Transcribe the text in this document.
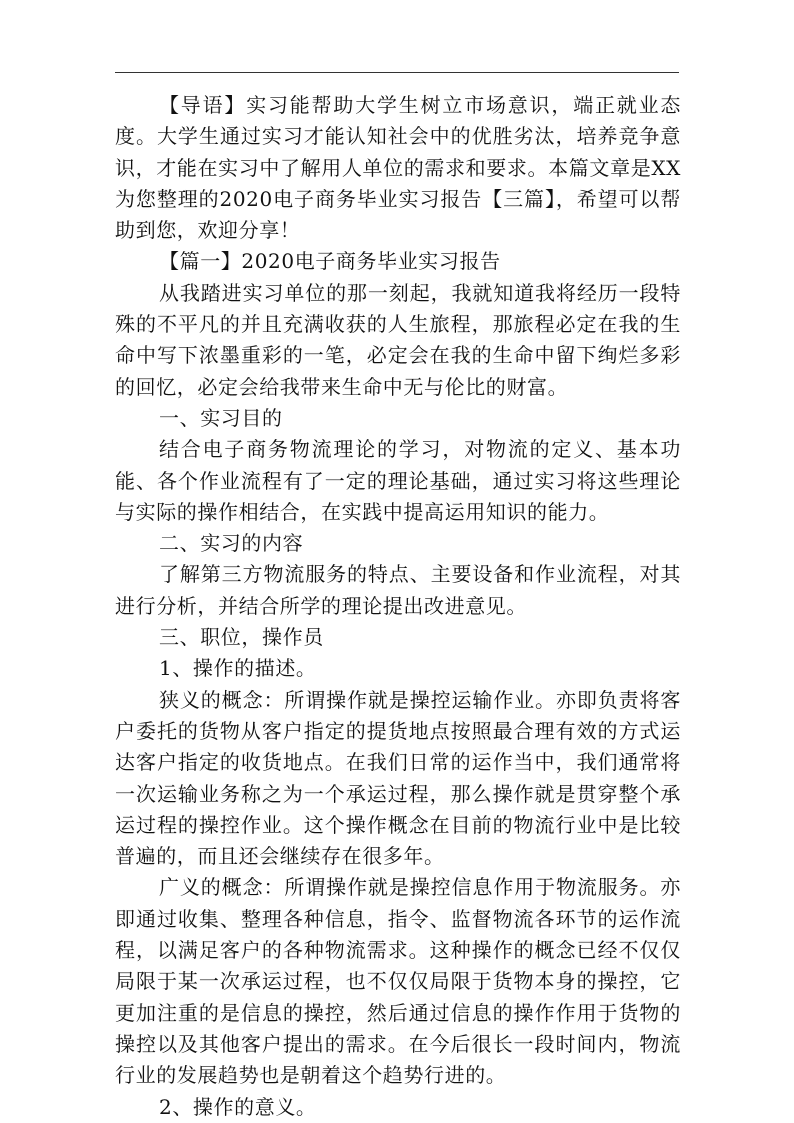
【导语】实习能帮助大学生树立市场意识，端正就业态度。大学生通过实习才能认知社会中的优胜劣汰，培养竞争意识，才能在实习中了解用人单位的需求和要求。本篇文章是XX为您整理的2020电子商务毕业实习报告【三篇】，希望可以帮助到您，欢迎分享！

【篇一】2020电子商务毕业实习报告

从我踏进实习单位的那一刻起，我就知道我将经历一段特殊的不平凡的并且充满收获的人生旅程，那旅程必定在我的生命中写下浓墨重彩的一笔，必定会在我的生命中留下绚烂多彩的回忆，必定会给我带来生命中无与伦比的财富。

一、实习目的

结合电子商务物流理论的学习，对物流的定义、基本功能、各个作业流程有了一定的理论基础，通过实习将这些理论与实际的操作相结合，在实践中提高运用知识的能力。

二、实习的内容

了解第三方物流服务的特点、主要设备和作业流程，对其进行分析，并结合所学的理论提出改进意见。

三、职位，操作员

1、操作的描述。

狭义的概念：所谓操作就是操控运输作业。亦即负责将客户委托的货物从客户指定的提货地点按照最合理有效的方式运达客户指定的收货地点。在我们日常的运作当中，我们通常将一次运输业务称之为一个承运过程，那么操作就是贯穿整个承运过程的操控作业。这个操作概念在目前的物流行业中是比较普遍的，而且还会继续存在很多年。

广义的概念：所谓操作就是操控信息作用于物流服务。亦即通过收集、整理各种信息，指令、监督物流各环节的运作流程，以满足客户的各种物流需求。这种操作的概念已经不仅仅局限于某一次承运过程，也不仅仅局限于货物本身的操控，它更加注重的是信息的操控，然后通过信息的操作作用于货物的操控以及其他客户提出的需求。在今后很长一段时间内，物流行业的发展趋势也是朝着这个趋势行进的。

2、操作的意义。
